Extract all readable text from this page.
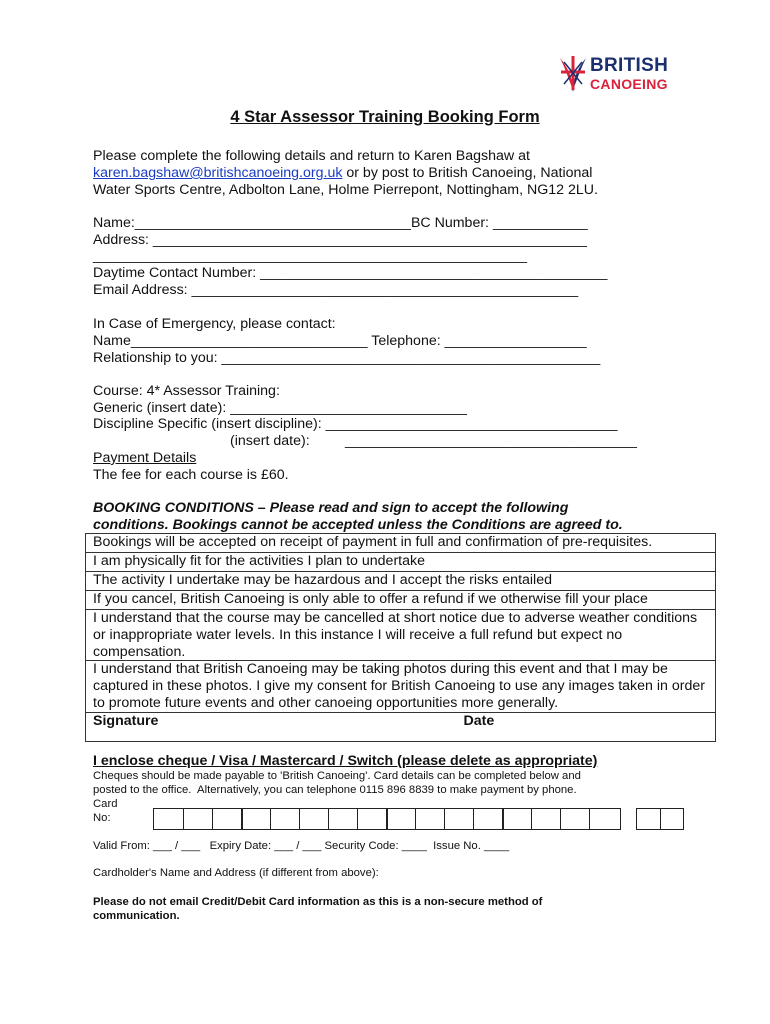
BRITISH
CANOEING
4 Star Assessor Training Booking Form
Please complete the following details and return to Karen Bagshaw at
karen.bagshaw@britishcanoeing.org.uk or by post to British Canoeing, National
Water Sports Centre, Adbolton Lane, Holme Pierrepont, Nottingham, NG12 2LU.
Name:___________________________________BC Number: ____________
Address: _______________________________________________________
_______________________________________________________
Daytime Contact Number: ____________________________________________
Email Address: _________________________________________________
In Case of Emergency, please contact:
Name______________________________ Telephone: __________________
Relationship to you: ________________________________________________
Course: 4* Assessor Training:
Generic (insert date): ______________________________
Discipline Specific (insert discipline): _____________________________________
(insert date): _____________________________________
Payment Details
The fee for each course is £60.
BOOKING CONDITIONS – Please read and sign to accept the following
conditions. Bookings cannot be accepted unless the Conditions are agreed to.
Bookings will be accepted on receipt of payment in full and confirmation of pre-requisites.
I am physically fit for the activities I plan to undertake
The activity I undertake may be hazardous and I accept the risks entailed
If you cancel, British Canoeing is only able to offer a refund if we otherwise fill your place
I understand that the course may be cancelled at short notice due to adverse weather conditions or inappropriate water levels. In this instance I will receive a full refund but expect no compensation.
I understand that British Canoeing may be taking photos during this event and that I may be captured in these photos. I give my consent for British Canoeing to use any images taken in order to promote future events and other canoeing opportunities more generally.
Signature	Date
I enclose cheque / Visa / Mastercard / Switch (please delete as appropriate)
Cheques should be made payable to 'British Canoeing'. Card details can be completed below and
posted to the office.  Alternatively, you can telephone 0115 896 8839 to make payment by phone.
Card
No:
Valid From: ___ / ___   Expiry Date: ___ / ___ Security Code: ____  Issue No. ____
Cardholder's Name and Address (if different from above):
Please do not email Credit/Debit Card information as this is a non-secure method of
communication.
